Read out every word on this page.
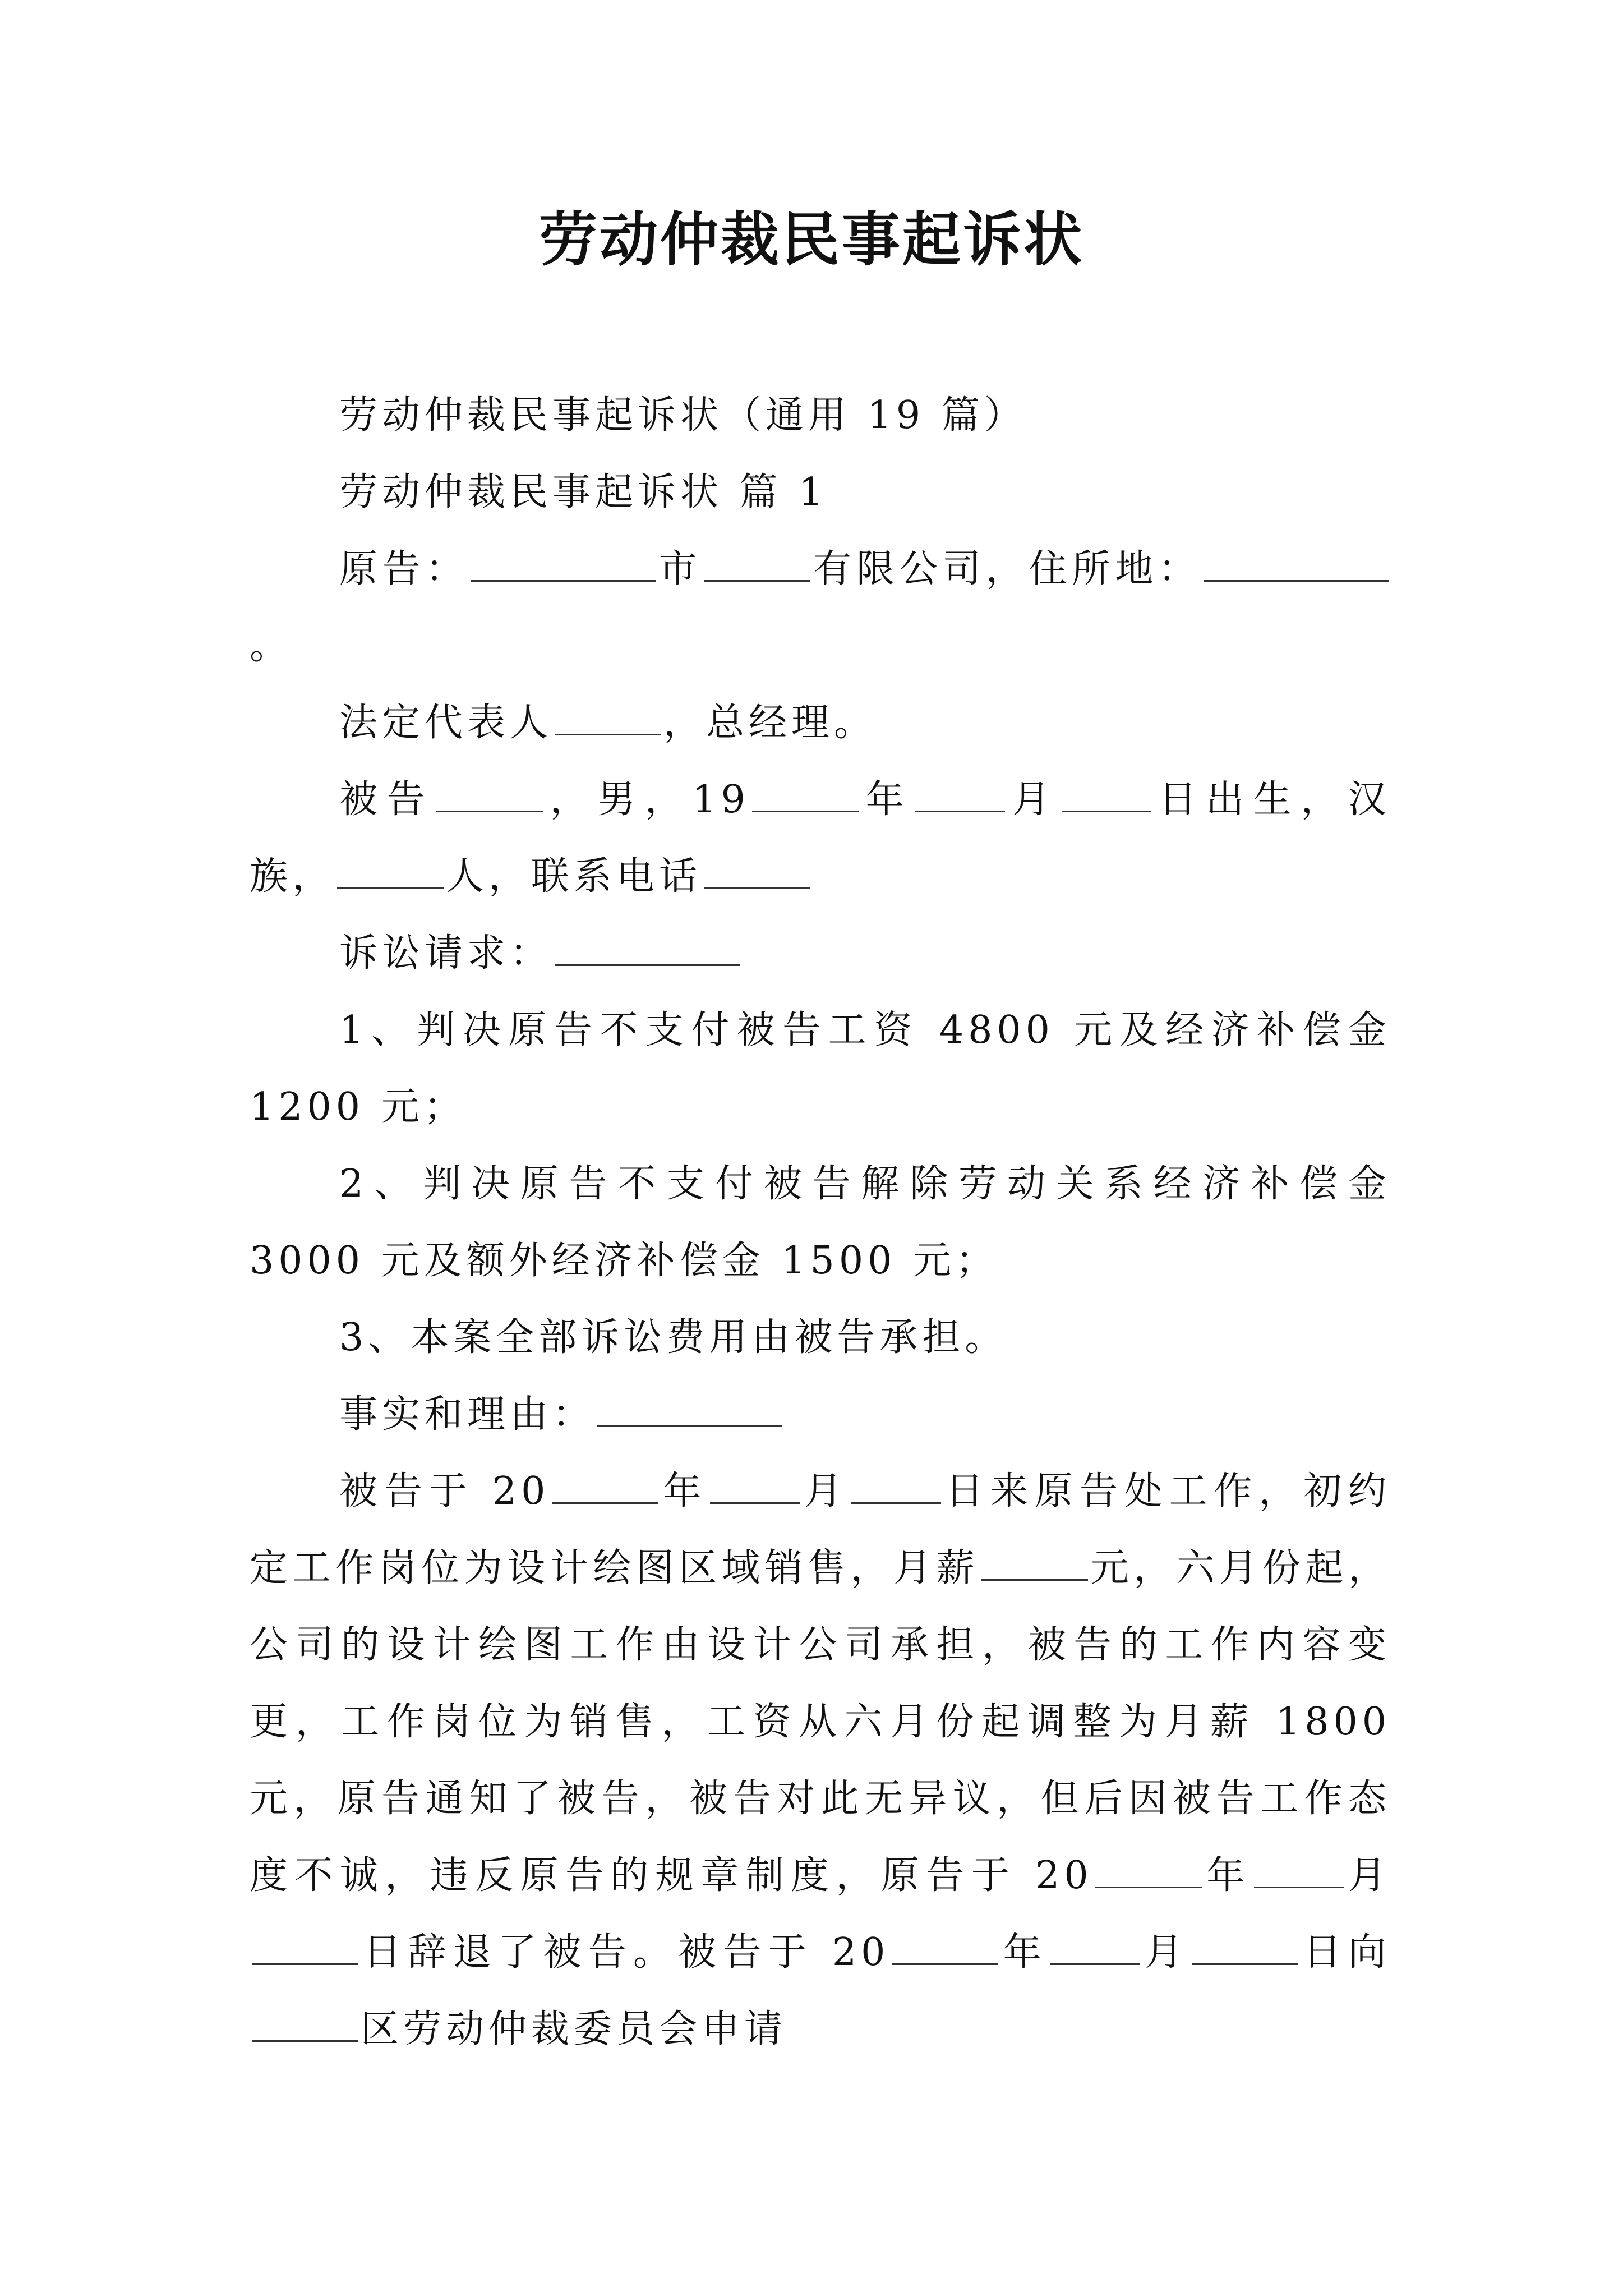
劳动仲裁民事起诉状

劳动仲裁民事起诉状（通用 19 篇）

劳动仲裁民事起诉状 篇 1

原告：	市	有限公司，住所地：。

法定代表人	，总经理。

被告	，男，19	年 月 日出生，汉族，	人，联系电话

诉讼请求：

1、判决原告不支付被告工资 4800 元及经济补偿金 1200 元；

2、判决原告不支付被告解除劳动关系经济补偿金 3000 元及额外经济补偿金 1500 元；

3、本案全部诉讼费用由被告承担。

事实和理由：

被告于 20	年 月 日来原告处工作，初约定工作岗位为设计绘图区域销售，月薪	元，六月份起，公司的设计绘图工作由设计公司承担，被告的工作内容变更，工作岗位为销售，工资从六月份起调整为月薪 1800 元，原告通知了被告，被告对此无异议，但后因被告工作态度不诚，违反原告的规章制度，原告于 20	年 月日辞退了被告。被告于 20	年 月	日向区劳动仲裁委员会申请
